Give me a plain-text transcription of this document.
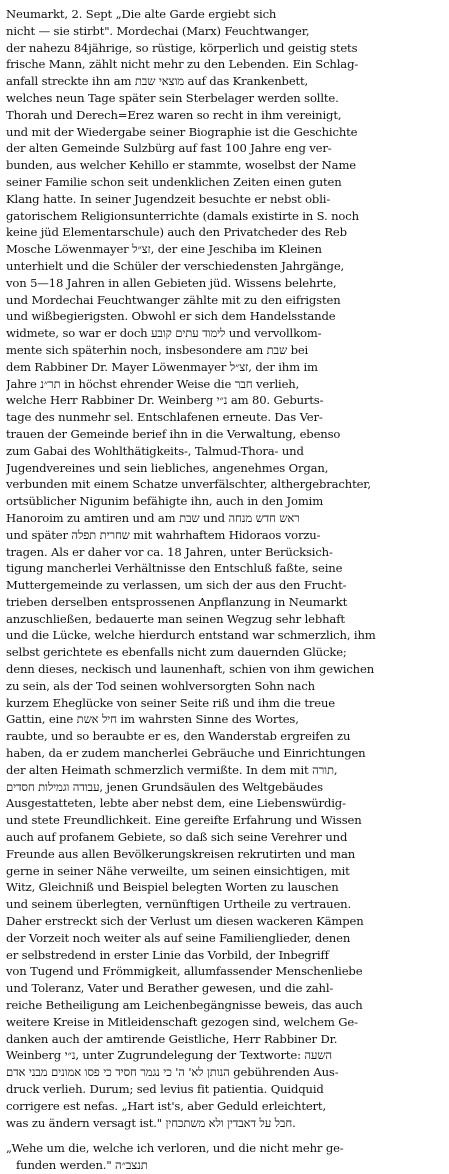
Neumarkt, 2. Sept „Die alte Garde ergiebt sich
nicht — sie stirbt". Mordechai (Marx) Feuchtwanger,
der nahezu 84jährige, so rüstige, körperlich und geistig stets
frische Mann, zählt nicht mehr zu den Lebenden. Ein Schlag-
anfall streckte ihn am מוצאי שבת auf das Krankenbett,
welches neun Tage später sein Sterbelager werden sollte.
Thorah und Derech=Erez waren so recht in ihm vereinigt,
und mit der Wiedergabe seiner Biographie ist die Geschichte
der alten Gemeinde Sulzbürg auf fast 100 Jahre eng ver-
bunden, aus welcher Kehillo er stammte, woselbst der Name
seiner Familie schon seit undenklichen Zeiten einen guten
Klang hatte. In seiner Jugendzeit besuchte er nebst obli-
gatorischem Religionsunterrichte (damals existirte in S. noch
keine jüd Elementarschule) auch den Privatcheder des Reb
Mosche Löwenmayer זצ״ל, der eine Jeschiba im Kleinen
unterhielt und die Schüler der verschiedensten Jahrgänge,
von 5—18 Jahren in allen Gebieten jüd. Wissens belehrte,
und Mordechai Feuchtwanger zählte mit zu den eifrigsten
und wißbegierigsten. Obwohl er sich dem Handelsstande
widmete, so war er doch לימוד עתים קובע und vervollkom-
mente sich späterhin noch, insbesondere am שבת bei
dem Rabbiner Dr. Mayer Löwenmayer זצ״ל, der ihm im
Jahre תר״נ in höchst ehrender Weise die חבר verlieh,
welche Herr Rabbiner Dr. Weinberg נ״י am 80. Geburts-
tage des nunmehr sel. Entschlafenen erneute. Das Ver-
trauen der Gemeinde berief ihn in die Verwaltung, ebenso
zum Gabai des Wohlthätigkeits-, Talmud-Thora- und
Jugendvereines und sein liebliches, angenehmes Organ,
verbunden mit einem Schatze unverfälschter, althergebrachter,
ortsüblicher Nigunim befähigte ihn, auch in den Jomim
Hanoroim zu amtiren und am שבת und ראש חדש מנחה
und später שחרית תפלה mit wahrhaftem Hidoraos vorzu-
tragen. Als er daher vor ca. 18 Jahren, unter Berücksich-
tigung mancherlei Verhältnisse den Entschluß faßte, seine
Muttergemeinde zu verlassen, um sich der aus den Frucht-
trieben derselben entsprossenen Anpflanzung in Neumarkt
anzuschließen, bedauerte man seinen Wegzug sehr lebhaft
und die Lücke, welche hierdurch entstand war schmerzlich, ihm
selbst gerichtete es ebenfalls nicht zum dauernden Glücke;
denn dieses, neckisch und launenhaft, schien von ihm gewichen
zu sein, als der Tod seinen wohlversorgten Sohn nach
kurzem Eheglücke von seiner Seite riß und ihm die treue
Gattin, eine חיל אשת im wahrsten Sinne des Wortes,
raubte, und so beraubte er es, den Wanderstab ergreifen zu
haben, da er zudem mancherlei Gebräuche und Einrichtungen
der alten Heimath schmerzlich vermißte. In dem mit תורה,
עבודה וגמילות חסדים, jenen Grundsäulen des Weltgebäudes
Ausgestatteten, lebte aber nebst dem, eine Liebenswürdig-
und stete Freundlichkeit. Eine gereifte Erfahrung und Wissen
auch auf profanem Gebiete, so daß sich seine Verehrer und
Freunde aus allen Bevölkerungskreisen rekrutirten und man
gerne in seiner Nähe verweilte, um seinen einsichtigen, mit
Witz, Gleichniß und Beispiel belegten Worten zu lauschen
und seinem überlegten, vernünftigen Urtheile zu vertrauen.
Daher erstreckt sich der Verlust um diesen wackeren Kämpen
der Vorzeit noch weiter als auf seine Familienglieder, denen
er selbstredend in erster Linie das Vorbild, der Inbegriff
von Tugend und Frömmigkeit, allumfassender Menschenliebe
und Toleranz, Vater und Berather gewesen, und die zahl-
reiche Betheiligung am Leichenbegängnisse beweis, das auch
weitere Kreise in Mitleidenschaft gezogen sind, welchem Ge-
danken auch der amtirende Geistliche, Herr Rabbiner Dr.
Weinberg נ״י, unter Zugrundelegung der Textworte: השעה
הנותן לא' ה' כי נגמר חסיד כי פסו אמונים מבני אדם gebührenden Aus-
druck verlieh. Durum; sed levius fit patientia. Quidquid
corrigere est nefas. „Hart ist's, aber Geduld erleichtert,
was zu ändern versagt ist." חבל על דאבדין ולא משתכחין.
„Wehe um die, welche ich verloren, und die nicht mehr ge-
funden werden." תנצב״ה
